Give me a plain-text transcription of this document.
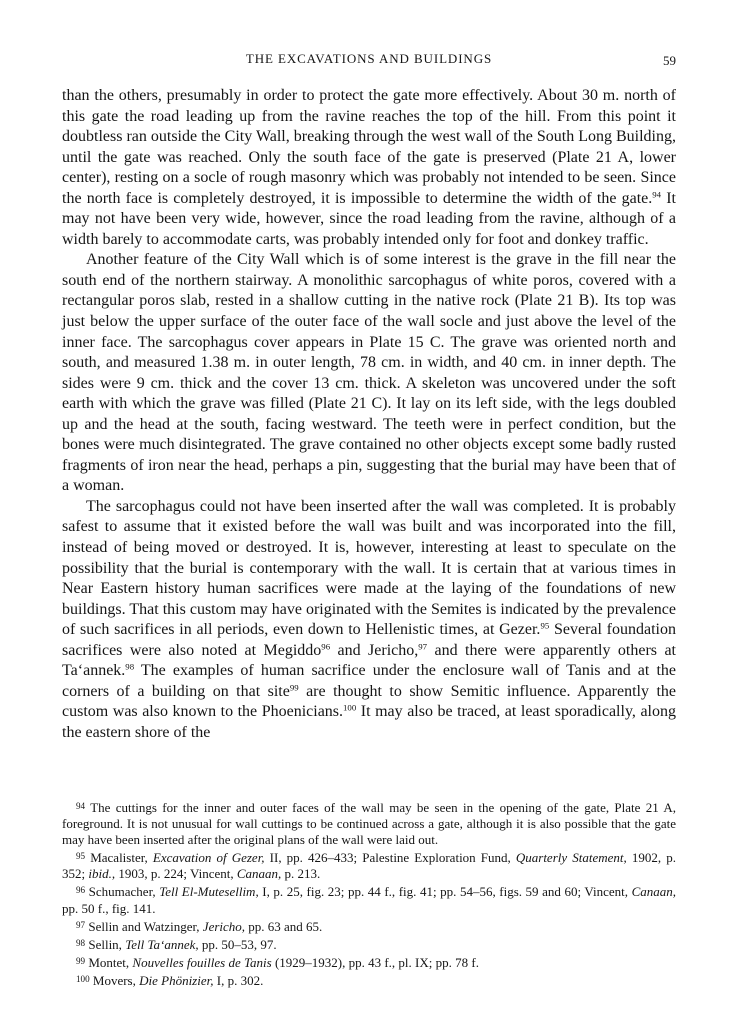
THE EXCAVATIONS AND BUILDINGS	59

than the others, presumably in order to protect the gate more effectively. About 30 m. north of this gate the road leading up from the ravine reaches the top of the hill. From this point it doubtless ran outside the City Wall, breaking through the west wall of the South Long Building, until the gate was reached. Only the south face of the gate is preserved (Plate 21 A, lower center), resting on a socle of rough masonry which was probably not intended to be seen. Since the north face is completely destroyed, it is impossible to determine the width of the gate.$^{94}$ It may not have been very wide, however, since the road leading from the ravine, although of a width barely to accommodate carts, was probably intended only for foot and donkey traffic.

Another feature of the City Wall which is of some interest is the grave in the fill near the south end of the northern stairway. A monolithic sarcophagus of white poros, covered with a rectangular poros slab, rested in a shallow cutting in the native rock (Plate 21 B). Its top was just below the upper surface of the outer face of the wall socle and just above the level of the inner face. The sarcophagus cover appears in Plate 15 C. The grave was oriented north and south, and measured 1.38 m. in outer length, 78 cm. in width, and 40 cm. in inner depth. The sides were 9 cm. thick and the cover 13 cm. thick. A skeleton was uncovered under the soft earth with which the grave was filled (Plate 21 C). It lay on its left side, with the legs doubled up and the head at the south, facing westward. The teeth were in perfect condition, but the bones were much disintegrated. The grave contained no other objects except some badly rusted fragments of iron near the head, perhaps a pin, suggesting that the burial may have been that of a woman.

The sarcophagus could not have been inserted after the wall was completed. It is probably safest to assume that it existed before the wall was built and was incorporated into the fill, instead of being moved or destroyed. It is, however, interesting at least to speculate on the possibility that the burial is contemporary with the wall. It is certain that at various times in Near Eastern history human sacrifices were made at the laying of the foundations of new buildings. That this custom may have originated with the Semites is indicated by the prevalence of such sacrifices in all periods, even down to Hellenistic times, at Gezer.$^{95}$ Several foundation sacrifices were also noted at Megiddo$^{96}$ and Jericho,$^{97}$ and there were apparently others at Ta‘annek.$^{98}$ The examples of human sacrifice under the enclosure wall of Tanis and at the corners of a building on that site$^{99}$ are thought to show Semitic influence. Apparently the custom was also known to the Phoenicians.$^{100}$ It may also be traced, at least sporadically, along the eastern shore of the

$^{94}$ The cuttings for the inner and outer faces of the wall may be seen in the opening of the gate, Plate 21 A, foreground. It is not unusual for wall cuttings to be continued across a gate, although it is also possible that the gate may have been inserted after the original plans of the wall were laid out.

$^{95}$ Macalister, Excavation of Gezer, II, pp. 426–433; Palestine Exploration Fund, Quarterly Statement, 1902, p. 352; ibid., 1903, p. 224; Vincent, Canaan, p. 213.

$^{96}$ Schumacher, Tell El-Mutesellim, I, p. 25, fig. 23; pp. 44 f., fig. 41; pp. 54–56, figs. 59 and 60; Vincent, Canaan, pp. 50 f., fig. 141.

$^{97}$ Sellin and Watzinger, Jericho, pp. 63 and 65.

$^{98}$ Sellin, Tell Ta‘annek, pp. 50–53, 97.

$^{99}$ Montet, Nouvelles fouilles de Tanis (1929–1932), pp. 43 f., pl. IX; pp. 78 f.

$^{100}$ Movers, Die Phönizier, I, p. 302.
